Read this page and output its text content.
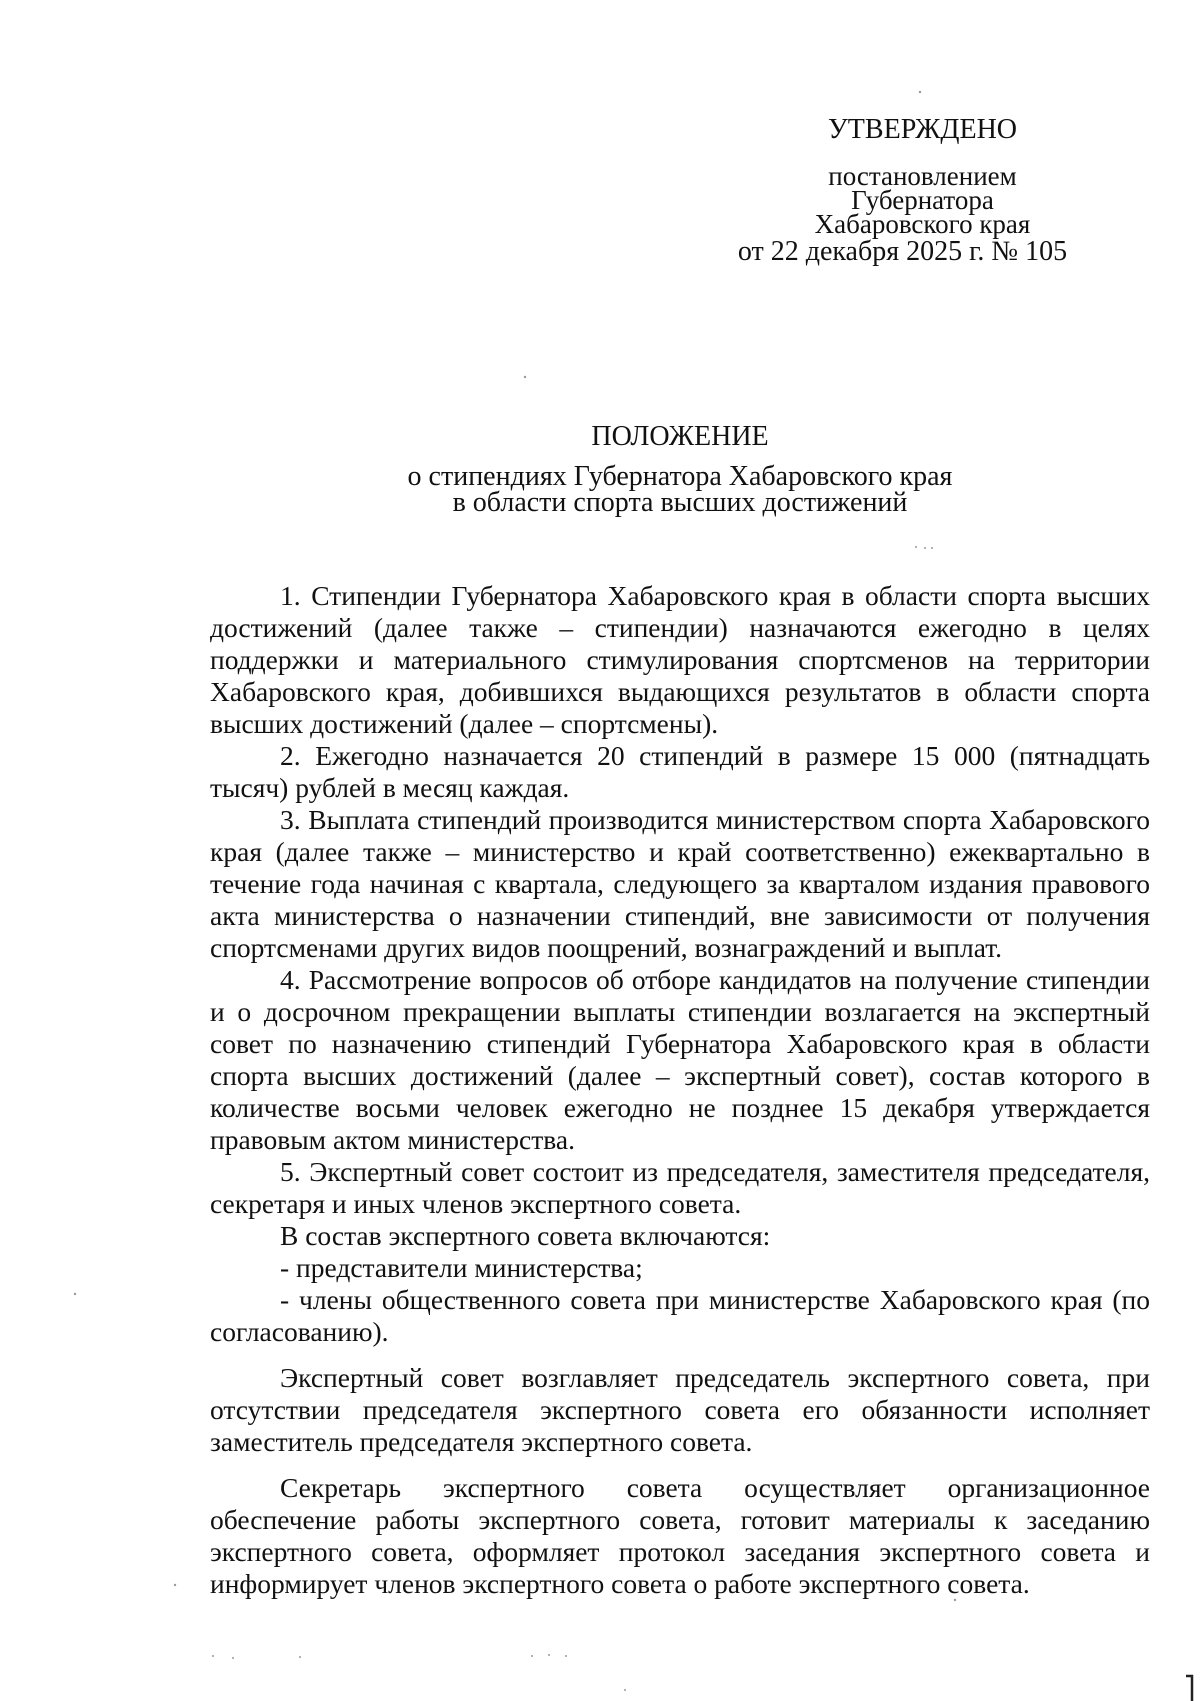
УТВЕРЖДЕНО
постановлением
Губернатора
Хабаровского края
от 22 декабря 2025 г. № 105
ПОЛОЖЕНИЕ
о стипендиях Губернатора Хабаровского края
в области спорта высших достижений

1. Стипендии Губернатора Хабаровского края в области спорта высших достижений (далее также – стипендии) назначаются ежегодно в целях поддержки и материального стимулирования спортсменов на территории Хабаровского края, добившихся выдающихся результатов в области спорта высших достижений (далее – спортсмены).

2. Ежегодно назначается 20 стипендий в размере 15 000 (пятнадцать тысяч) рублей в месяц каждая.

3. Выплата стипендий производится министерством спорта Хабаровского края (далее также – министерство и край соответственно) ежеквартально в течение года начиная с квартала, следующего за кварталом издания правового акта министерства о назначении стипендий, вне зависимости от получения спортсменами других видов поощрений, вознаграждений и выплат.

4. Рассмотрение вопросов об отборе кандидатов на получение стипендии и о досрочном прекращении выплаты стипендии возлагается на экспертный совет по назначению стипендий Губернатора Хабаровского края в области спорта высших достижений (далее – экспертный совет), состав которого в количестве восьми человек ежегодно не позднее 15 декабря утверждается правовым актом министерства.

5. Экспертный совет состоит из председателя, заместителя председателя, секретаря и иных членов экспертного совета.

В состав экспертного совета включаются:

- представители министерства;

- члены общественного совета при министерстве Хабаровского края (по согласованию).

Экспертный совет возглавляет председатель экспертного совета, при отсутствии председателя экспертного совета его обязанности исполняет заместитель председателя экспертного совета.

Секретарь экспертного совета осуществляет организационное обеспечение работы экспертного совета, готовит материалы к заседанию экспертного совета, оформляет протокол заседания экспертного совета и информирует членов экспертного совета о работе экспертного совета.
